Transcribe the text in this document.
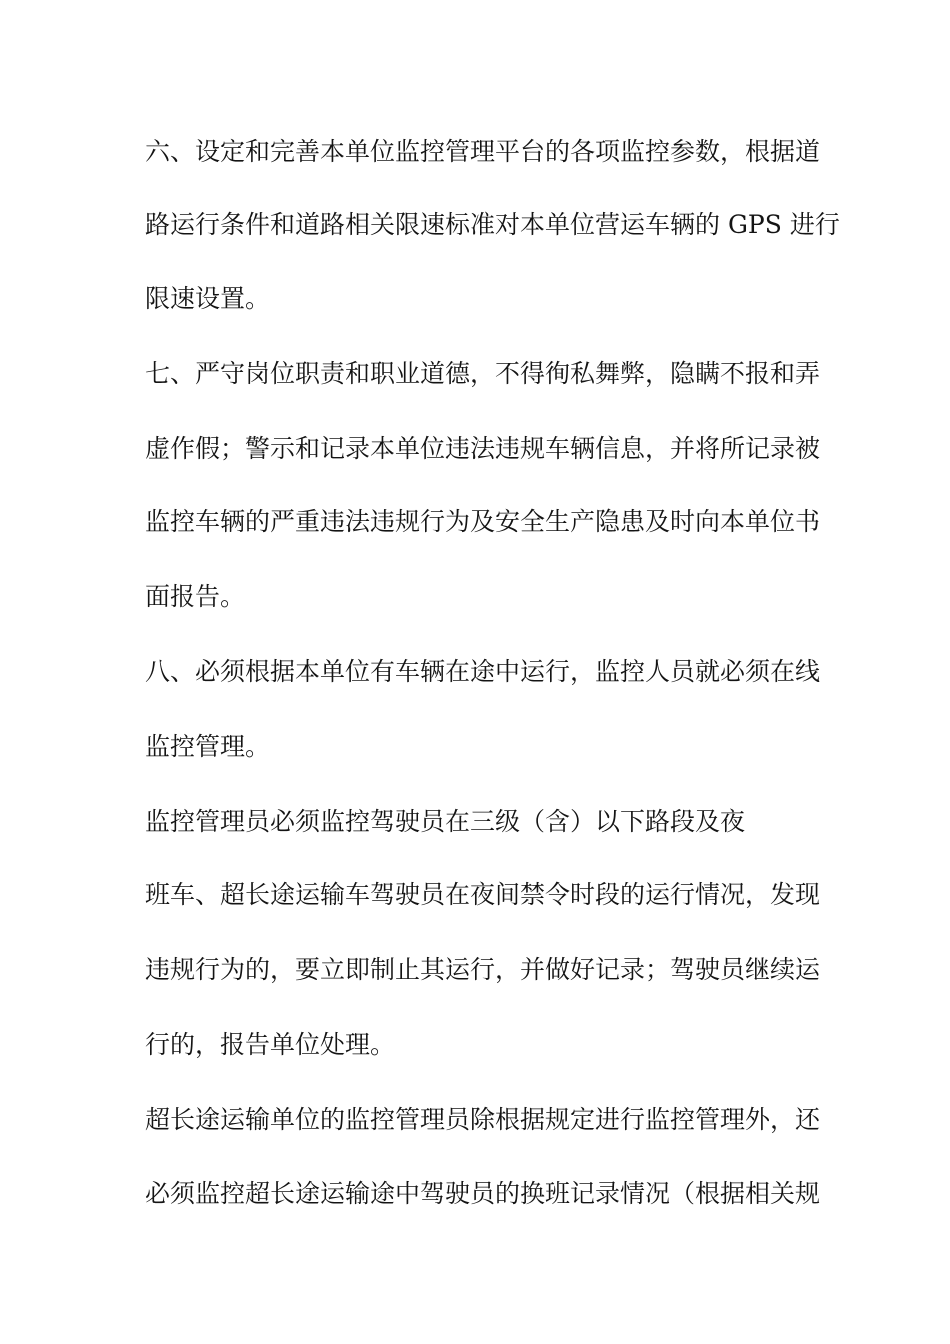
六、设定和完善本单位监控管理平台的各项监控参数，根据道

路运行条件和道路相关限速标准对本单位营运车辆的 GPS 进行

限速设置。

七、严守岗位职责和职业道德，不得徇私舞弊，隐瞒不报和弄

虚作假；警示和记录本单位违法违规车辆信息，并将所记录被

监控车辆的严重违法违规行为及安全生产隐患及时向本单位书

面报告。

八、必须根据本单位有车辆在途中运行，监控人员就必须在线

监控管理。

监控管理员必须监控驾驶员在三级（含）以下路段及夜

班车、超长途运输车驾驶员在夜间禁令时段的运行情况，发现

违规行为的，要立即制止其运行，并做好记录；驾驶员继续运

行的，报告单位处理。

超长途运输单位的监控管理员除根据规定进行监控管理外，还

必须监控超长途运输途中驾驶员的换班记录情况（根据相关规
